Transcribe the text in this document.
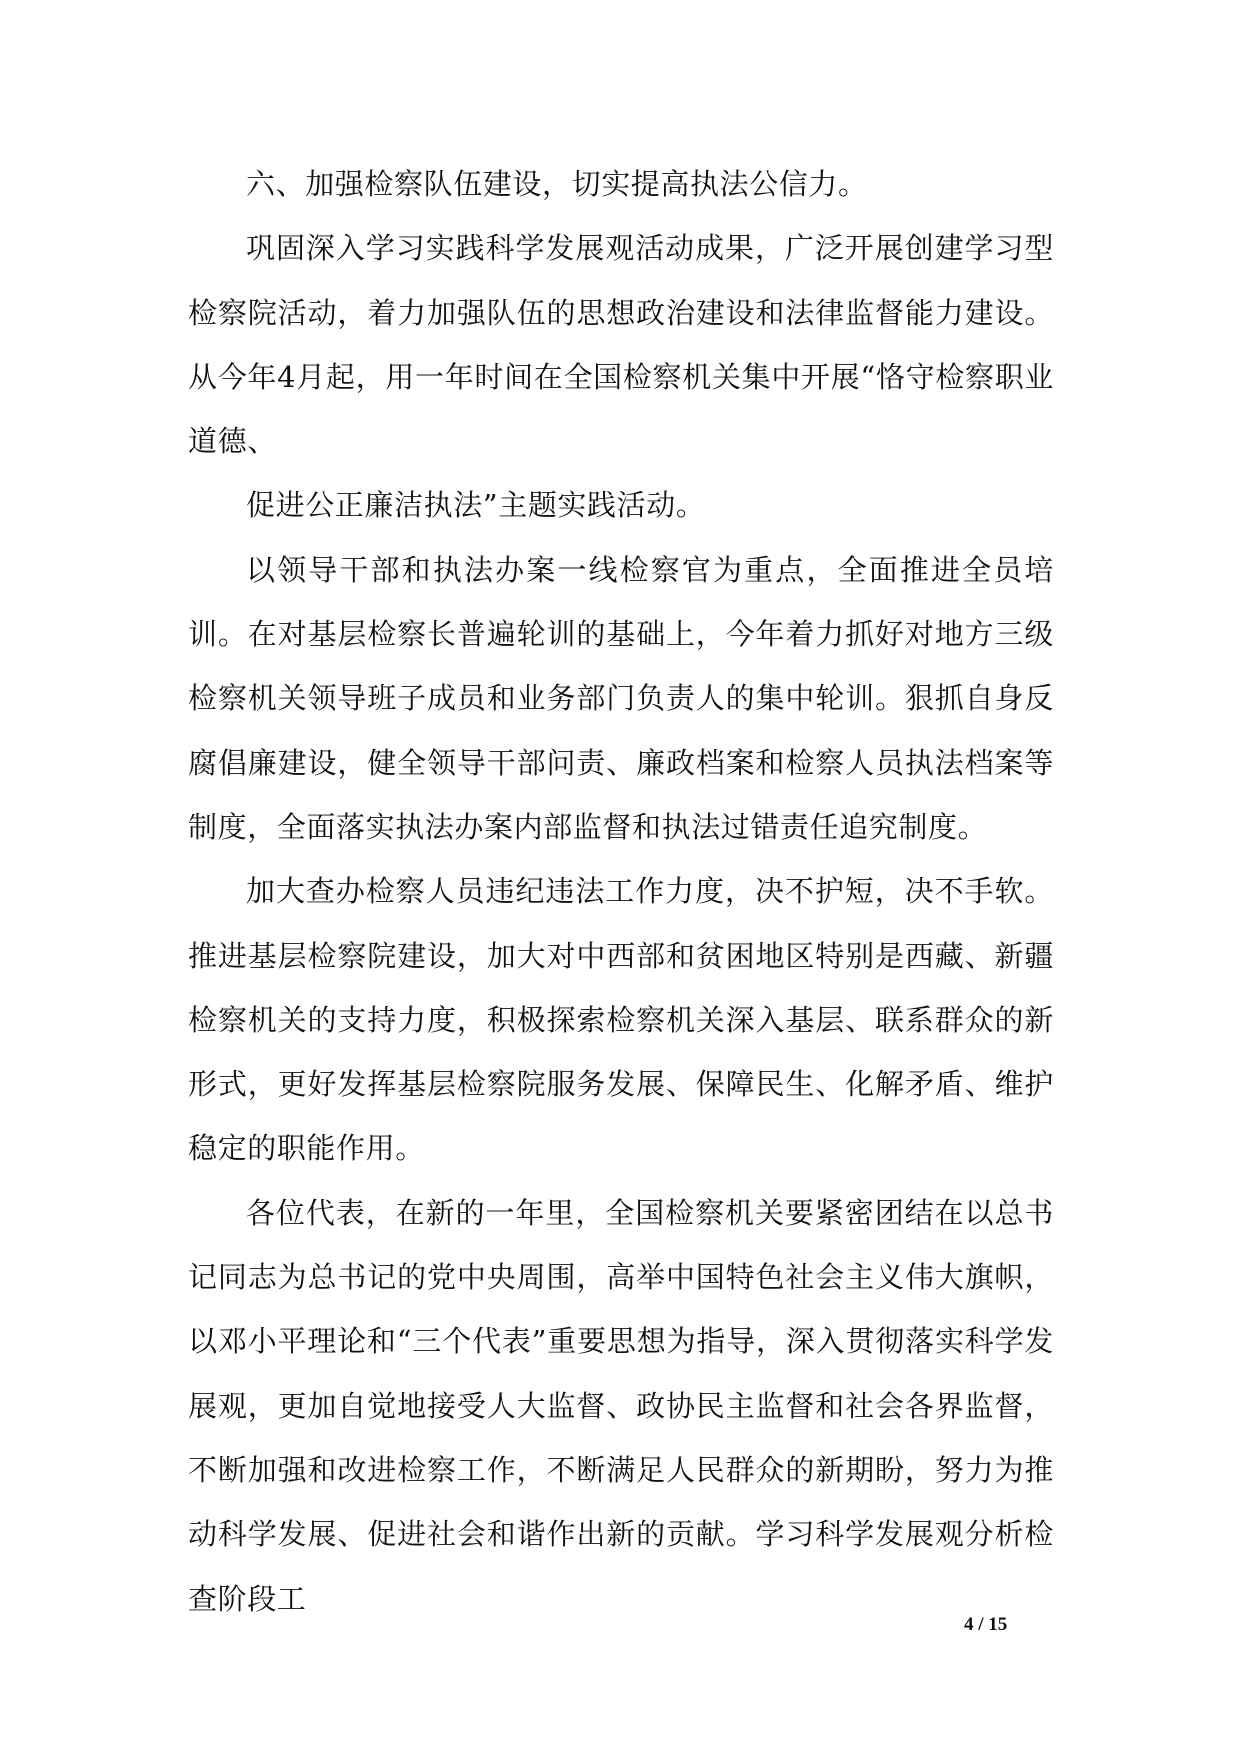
六、加强检察队伍建设，切实提高执法公信力。

巩固深入学习实践科学发展观活动成果，广泛开展创建学习型检察院活动，着力加强队伍的思想政治建设和法律监督能力建设。从今年4月起，用一年时间在全国检察机关集中开展“恪守检察职业道德、

促进公正廉洁执法”主题实践活动。

以领导干部和执法办案一线检察官为重点，全面推进全员培训。在对基层检察长普遍轮训的基础上，今年着力抓好对地方三级检察机关领导班子成员和业务部门负责人的集中轮训。狠抓自身反腐倡廉建设，健全领导干部问责、廉政档案和检察人员执法档案等制度，全面落实执法办案内部监督和执法过错责任追究制度。

加大查办检察人员违纪违法工作力度，决不护短，决不手软。推进基层检察院建设，加大对中西部和贫困地区特别是西藏、新疆检察机关的支持力度，积极探索检察机关深入基层、联系群众的新形式，更好发挥基层检察院服务发展、保障民生、化解矛盾、维护稳定的职能作用。

各位代表，在新的一年里，全国检察机关要紧密团结在以总书记同志为总书记的党中央周围，高举中国特色社会主义伟大旗帜，以邓小平理论和“三个代表”重要思想为指导，深入贯彻落实科学发展观，更加自觉地接受人大监督、政协民主监督和社会各界监督，不断加强和改进检察工作，不断满足人民群众的新期盼，努力为推动科学发展、促进社会和谐作出新的贡献。学习科学发展观分析检查阶段工

4 / 15
